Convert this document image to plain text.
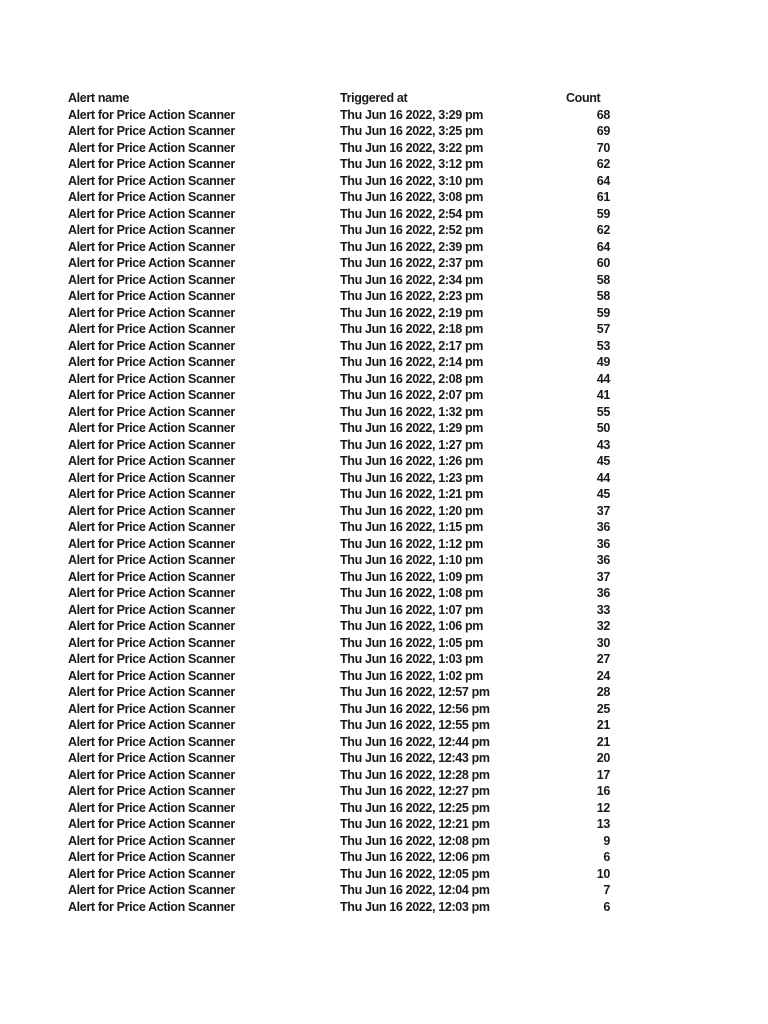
Alert name	Triggered at	Count
Alert for Price Action Scanner	Thu Jun 16 2022, 3:29 pm	68
Alert for Price Action Scanner	Thu Jun 16 2022, 3:25 pm	69
Alert for Price Action Scanner	Thu Jun 16 2022, 3:22 pm	70
Alert for Price Action Scanner	Thu Jun 16 2022, 3:12 pm	62
Alert for Price Action Scanner	Thu Jun 16 2022, 3:10 pm	64
Alert for Price Action Scanner	Thu Jun 16 2022, 3:08 pm	61
Alert for Price Action Scanner	Thu Jun 16 2022, 2:54 pm	59
Alert for Price Action Scanner	Thu Jun 16 2022, 2:52 pm	62
Alert for Price Action Scanner	Thu Jun 16 2022, 2:39 pm	64
Alert for Price Action Scanner	Thu Jun 16 2022, 2:37 pm	60
Alert for Price Action Scanner	Thu Jun 16 2022, 2:34 pm	58
Alert for Price Action Scanner	Thu Jun 16 2022, 2:23 pm	58
Alert for Price Action Scanner	Thu Jun 16 2022, 2:19 pm	59
Alert for Price Action Scanner	Thu Jun 16 2022, 2:18 pm	57
Alert for Price Action Scanner	Thu Jun 16 2022, 2:17 pm	53
Alert for Price Action Scanner	Thu Jun 16 2022, 2:14 pm	49
Alert for Price Action Scanner	Thu Jun 16 2022, 2:08 pm	44
Alert for Price Action Scanner	Thu Jun 16 2022, 2:07 pm	41
Alert for Price Action Scanner	Thu Jun 16 2022, 1:32 pm	55
Alert for Price Action Scanner	Thu Jun 16 2022, 1:29 pm	50
Alert for Price Action Scanner	Thu Jun 16 2022, 1:27 pm	43
Alert for Price Action Scanner	Thu Jun 16 2022, 1:26 pm	45
Alert for Price Action Scanner	Thu Jun 16 2022, 1:23 pm	44
Alert for Price Action Scanner	Thu Jun 16 2022, 1:21 pm	45
Alert for Price Action Scanner	Thu Jun 16 2022, 1:20 pm	37
Alert for Price Action Scanner	Thu Jun 16 2022, 1:15 pm	36
Alert for Price Action Scanner	Thu Jun 16 2022, 1:12 pm	36
Alert for Price Action Scanner	Thu Jun 16 2022, 1:10 pm	36
Alert for Price Action Scanner	Thu Jun 16 2022, 1:09 pm	37
Alert for Price Action Scanner	Thu Jun 16 2022, 1:08 pm	36
Alert for Price Action Scanner	Thu Jun 16 2022, 1:07 pm	33
Alert for Price Action Scanner	Thu Jun 16 2022, 1:06 pm	32
Alert for Price Action Scanner	Thu Jun 16 2022, 1:05 pm	30
Alert for Price Action Scanner	Thu Jun 16 2022, 1:03 pm	27
Alert for Price Action Scanner	Thu Jun 16 2022, 1:02 pm	24
Alert for Price Action Scanner	Thu Jun 16 2022, 12:57 pm	28
Alert for Price Action Scanner	Thu Jun 16 2022, 12:56 pm	25
Alert for Price Action Scanner	Thu Jun 16 2022, 12:55 pm	21
Alert for Price Action Scanner	Thu Jun 16 2022, 12:44 pm	21
Alert for Price Action Scanner	Thu Jun 16 2022, 12:43 pm	20
Alert for Price Action Scanner	Thu Jun 16 2022, 12:28 pm	17
Alert for Price Action Scanner	Thu Jun 16 2022, 12:27 pm	16
Alert for Price Action Scanner	Thu Jun 16 2022, 12:25 pm	12
Alert for Price Action Scanner	Thu Jun 16 2022, 12:21 pm	13
Alert for Price Action Scanner	Thu Jun 16 2022, 12:08 pm	9
Alert for Price Action Scanner	Thu Jun 16 2022, 12:06 pm	6
Alert for Price Action Scanner	Thu Jun 16 2022, 12:05 pm	10
Alert for Price Action Scanner	Thu Jun 16 2022, 12:04 pm	7
Alert for Price Action Scanner	Thu Jun 16 2022, 12:03 pm	6
